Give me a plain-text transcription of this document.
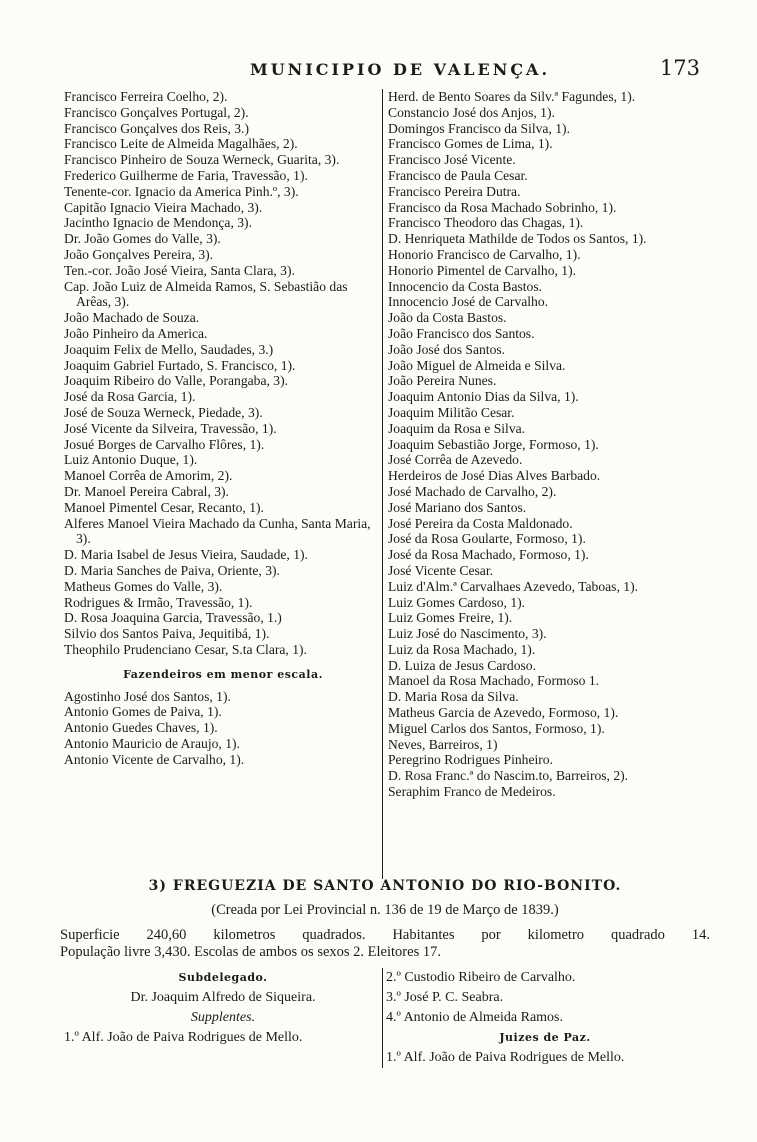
MUNICIPIO DE VALENÇA.	173
Francisco Ferreira Coelho, 2).
Francisco Gonçalves Portugal, 2).
Francisco Gonçalves dos Reis, 3.)
Francisco Leite de Almeida Magalhães, 2).
Francisco Pinheiro de Souza Werneck, Guarita, 3).
Frederico Guilherme de Faria, Travessão, 1).
Tenente-cor. Ignacio da America Pinh.º, 3).
Capitão Ignacio Vieira Machado, 3).
Jacintho Ignacio de Mendonça, 3).
Dr. João Gomes do Valle, 3).
João Gonçalves Pereira, 3).
Ten.-cor. João José Vieira, Santa Clara, 3).
Cap. João Luiz de Almeida Ramos, S. Sebastião das Arêas, 3).
João Machado de Souza.
João Pinheiro da America.
Joaquim Felix de Mello, Saudades, 3.)
Joaquim Gabriel Furtado, S. Francisco, 1).
Joaquim Ribeiro do Valle, Porangaba, 3).
José da Rosa Garcia, 1).
José de Souza Werneck, Piedade, 3).
José Vicente da Silveira, Travessão, 1).
Josué Borges de Carvalho Flôres, 1).
Luiz Antonio Duque, 1).
Manoel Corrêa de Amorim, 2).
Dr. Manoel Pereira Cabral, 3).
Manoel Pimentel Cesar, Recanto, 1).
Alferes Manoel Vieira Machado da Cunha, Santa Maria, 3).
D. Maria Isabel de Jesus Vieira, Saudade, 1).
D. Maria Sanches de Paiva, Oriente, 3).
Matheus Gomes do Valle, 3).
Rodrigues & Irmão, Travessão, 1).
D. Rosa Joaquina Garcia, Travessão, 1.)
Silvio dos Santos Paiva, Jequitibá, 1).
Theophilo Prudenciano Cesar, S.ta Clara, 1).
Fazendeiros em menor escala.
Agostinho José dos Santos, 1).
Antonio Gomes de Paiva, 1).
Antonio Guedes Chaves, 1).
Antonio Mauricio de Araujo, 1).
Antonio Vicente de Carvalho, 1).
Herd. de Bento Soares da Silv.ª Fagundes, 1).
Constancio José dos Anjos, 1).
Domingos Francisco da Silva, 1).
Francisco Gomes de Lima, 1).
Francisco José Vicente.
Francisco de Paula Cesar.
Francisco Pereira Dutra.
Francisco da Rosa Machado Sobrinho, 1).
Francisco Theodoro das Chagas, 1).
D. Henriqueta Mathilde de Todos os Santos, 1).
Honorio Francisco de Carvalho, 1).
Honorio Pimentel de Carvalho, 1).
Innocencio da Costa Bastos.
Innocencio José de Carvalho.
João da Costa Bastos.
João Francisco dos Santos.
João José dos Santos.
João Miguel de Almeida e Silva.
João Pereira Nunes.
Joaquim Antonio Dias da Silva, 1).
Joaquim Militão Cesar.
Joaquim da Rosa e Silva.
Joaquim Sebastião Jorge, Formoso, 1).
José Corrêa de Azevedo.
Herdeiros de José Dias Alves Barbado.
José Machado de Carvalho, 2).
José Mariano dos Santos.
José Pereira da Costa Maldonado.
José da Rosa Goularte, Formoso, 1).
José da Rosa Machado, Formoso, 1).
José Vicente Cesar.
Luiz d'Alm.ª Carvalhaes Azevedo, Taboas, 1).
Luiz Gomes Cardoso, 1).
Luiz Gomes Freire, 1).
Luiz José do Nascimento, 3).
Luiz da Rosa Machado, 1).
D. Luiza de Jesus Cardoso.
Manoel da Rosa Machado, Formoso 1.
D. Maria Rosa da Silva.
Matheus Garcia de Azevedo, Formoso, 1).
Miguel Carlos dos Santos, Formoso, 1).
Neves, Barreiros, 1)
Peregrino Rodrigues Pinheiro.
D. Rosa Franc.ª do Nascim.to, Barreiros, 2).
Seraphim Franco de Medeiros.
3) FREGUEZIA DE SANTO ANTONIO DO RIO-BONITO.
(Creada por Lei Provincial n. 136 de 19 de Março de 1839.)
Superficie 240,60 kilometros quadrados. Habitantes por kilometro quadrado 14.
População livre 3,430. Escolas de ambos os sexos 2. Eleitores 17.
Subdelegado.
Dr. Joaquim Alfredo de Siqueira.
Supplentes.
1.º Alf. João de Paiva Rodrigues de Mello.
2.º Custodio Ribeiro de Carvalho.
3.º José P. C. Seabra.
4.º Antonio de Almeida Ramos.
Juizes de Paz.
1.º Alf. João de Paiva Rodrigues de Mello.
